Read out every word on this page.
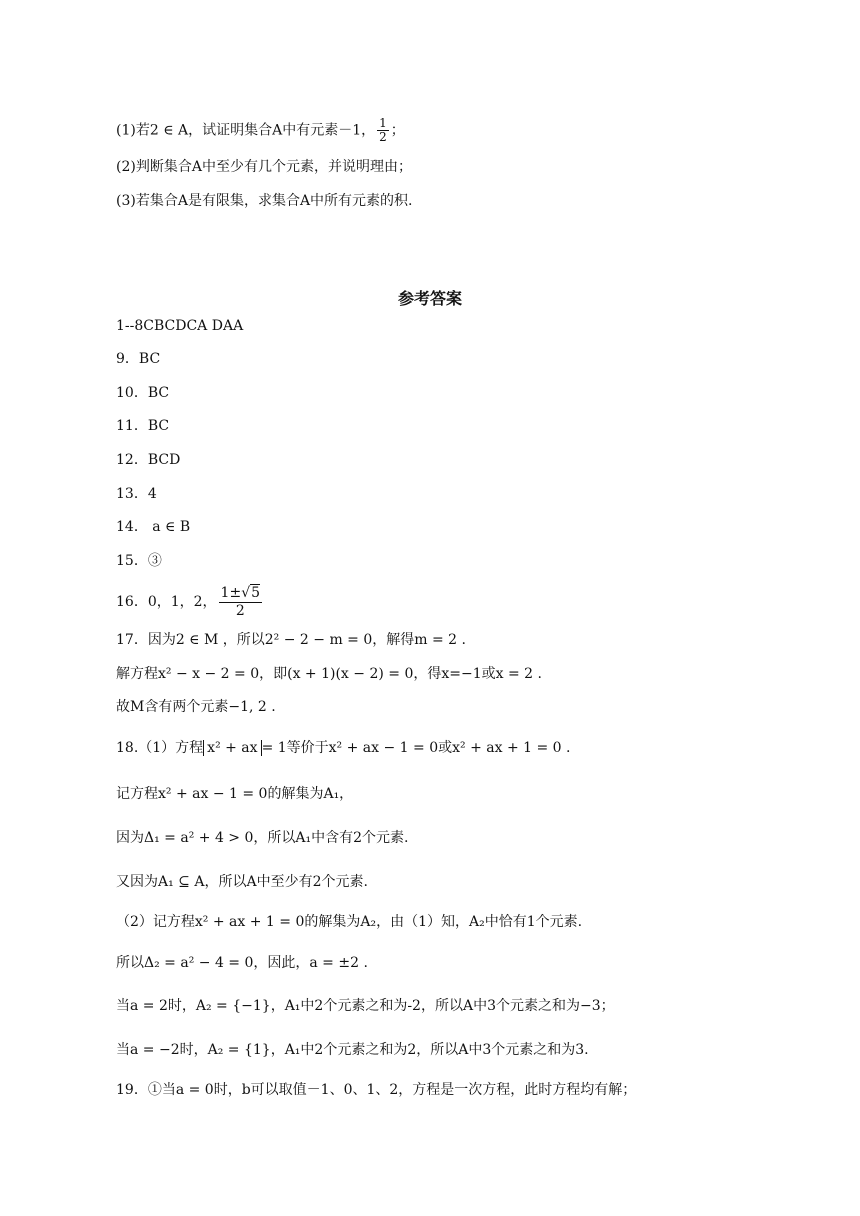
(1)若2 ∈ A，试证明集合A中有元素－1， $\frac{1}{2}$ ；
(2)判断集合A中至少有几个元素，并说明理由；
(3)若集合A是有限集，求集合A中所有元素的积.
参考答案
1--8CBCDCA DAA
9．BC
10．BC
11．BC
12．BCD
13．4
14． a ∈ B
15．③
16．0，1，2， $\frac{1\pm√5}{2}$
17．因为2 ∈ M ，所以2² − 2 − m = 0，解得m = 2 .
解方程x² − x − 2 = 0，即(x + 1)(x − 2) = 0，得x=−1或x = 2 .
故M含有两个元素−1, 2 .
18.（1）方程 x² + ax = 1等价于x² + ax − 1 = 0或x² + ax + 1 = 0 .
记方程x² + ax − 1 = 0的解集为A₁，
因为Δ₁ = a² + 4 > 0，所以A₁中含有2个元素.
又因为A₁ ⊆ A，所以A中至少有2个元素.
（2）记方程x² + ax + 1 = 0的解集为A₂，由（1）知，A₂中恰有1个元素.
所以Δ₂ = a² − 4 = 0，因此，a = ±2 .
当a = 2时，A₂ = {−1}，A₁中2个元素之和为-2，所以A中3个元素之和为−3；
当a = −2时，A₂ = {1}，A₁中2个元素之和为2，所以A中3个元素之和为3.
19．①当a = 0时，b可以取值－1、0、1、2，方程是一次方程，此时方程均有解；
